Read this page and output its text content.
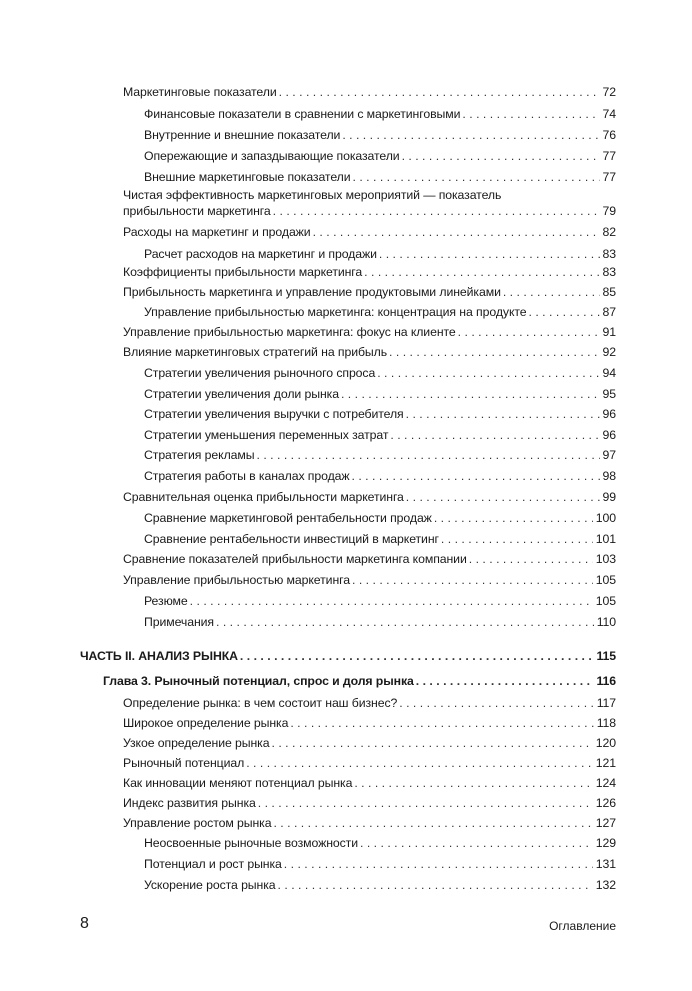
Маркетинговые показатели . . .	72
Финансовые показатели в сравнении с маркетинговыми . . .	74
Внутренние и внешние показатели . . .	76
Опережающие и запаздывающие показатели . . .	77
Внешние маркетинговые показатели . . .	77
Чистая эффективность маркетинговых мероприятий — показатель
прибыльности маркетинга . . .	79
Расходы на маркетинг и продажи . . .	82
Расчет расходов на маркетинг и продажи . . .	83
Коэффициенты прибыльности маркетинга . . .	83
Прибыльность маркетинга и управление продуктовыми линейками . . .	85
Управление прибыльностью маркетинга: концентрация на продукте . . .	87
Управление прибыльностью маркетинга: фокус на клиенте . . .	91
Влияние маркетинговых стратегий на прибыль . . .	92
Стратегии увеличения рыночного спроса . . .	94
Стратегии увеличения доли рынка . . .	95
Стратегии увеличения выручки с потребителя . . .	96
Стратегии уменьшения переменных затрат . . .	96
Стратегия рекламы . . .	97
Стратегия работы в каналах продаж . . .	98
Сравнительная оценка прибыльности маркетинга . . .	99
Сравнение маркетинговой рентабельности продаж . . .	100
Сравнение рентабельности инвестиций в маркетинг . . .	101
Сравнение показателей прибыльности маркетинга компании . . .	103
Управление прибыльностью маркетинга . . .	105
Резюме . . .	105
Примечания . . .	110
ЧАСТЬ II. АНАЛИЗ РЫНКА . . .	115
Глава 3. Рыночный потенциал, спрос и доля рынка . . .	116
Определение рынка: в чем состоит наш бизнес? . . .	117
Широкое определение рынка . . .	118
Узкое определение рынка . . .	120
Рыночный потенциал . . .	121
Как инновации меняют потенциал рынка . . .	124
Индекс развития рынка . . .	126
Управление ростом рынка . . .	127
Неосвоенные рыночные возможности . . .	129
Потенциал и рост рынка . . .	131
Ускорение роста рынка . . .	132
8	Оглавление
